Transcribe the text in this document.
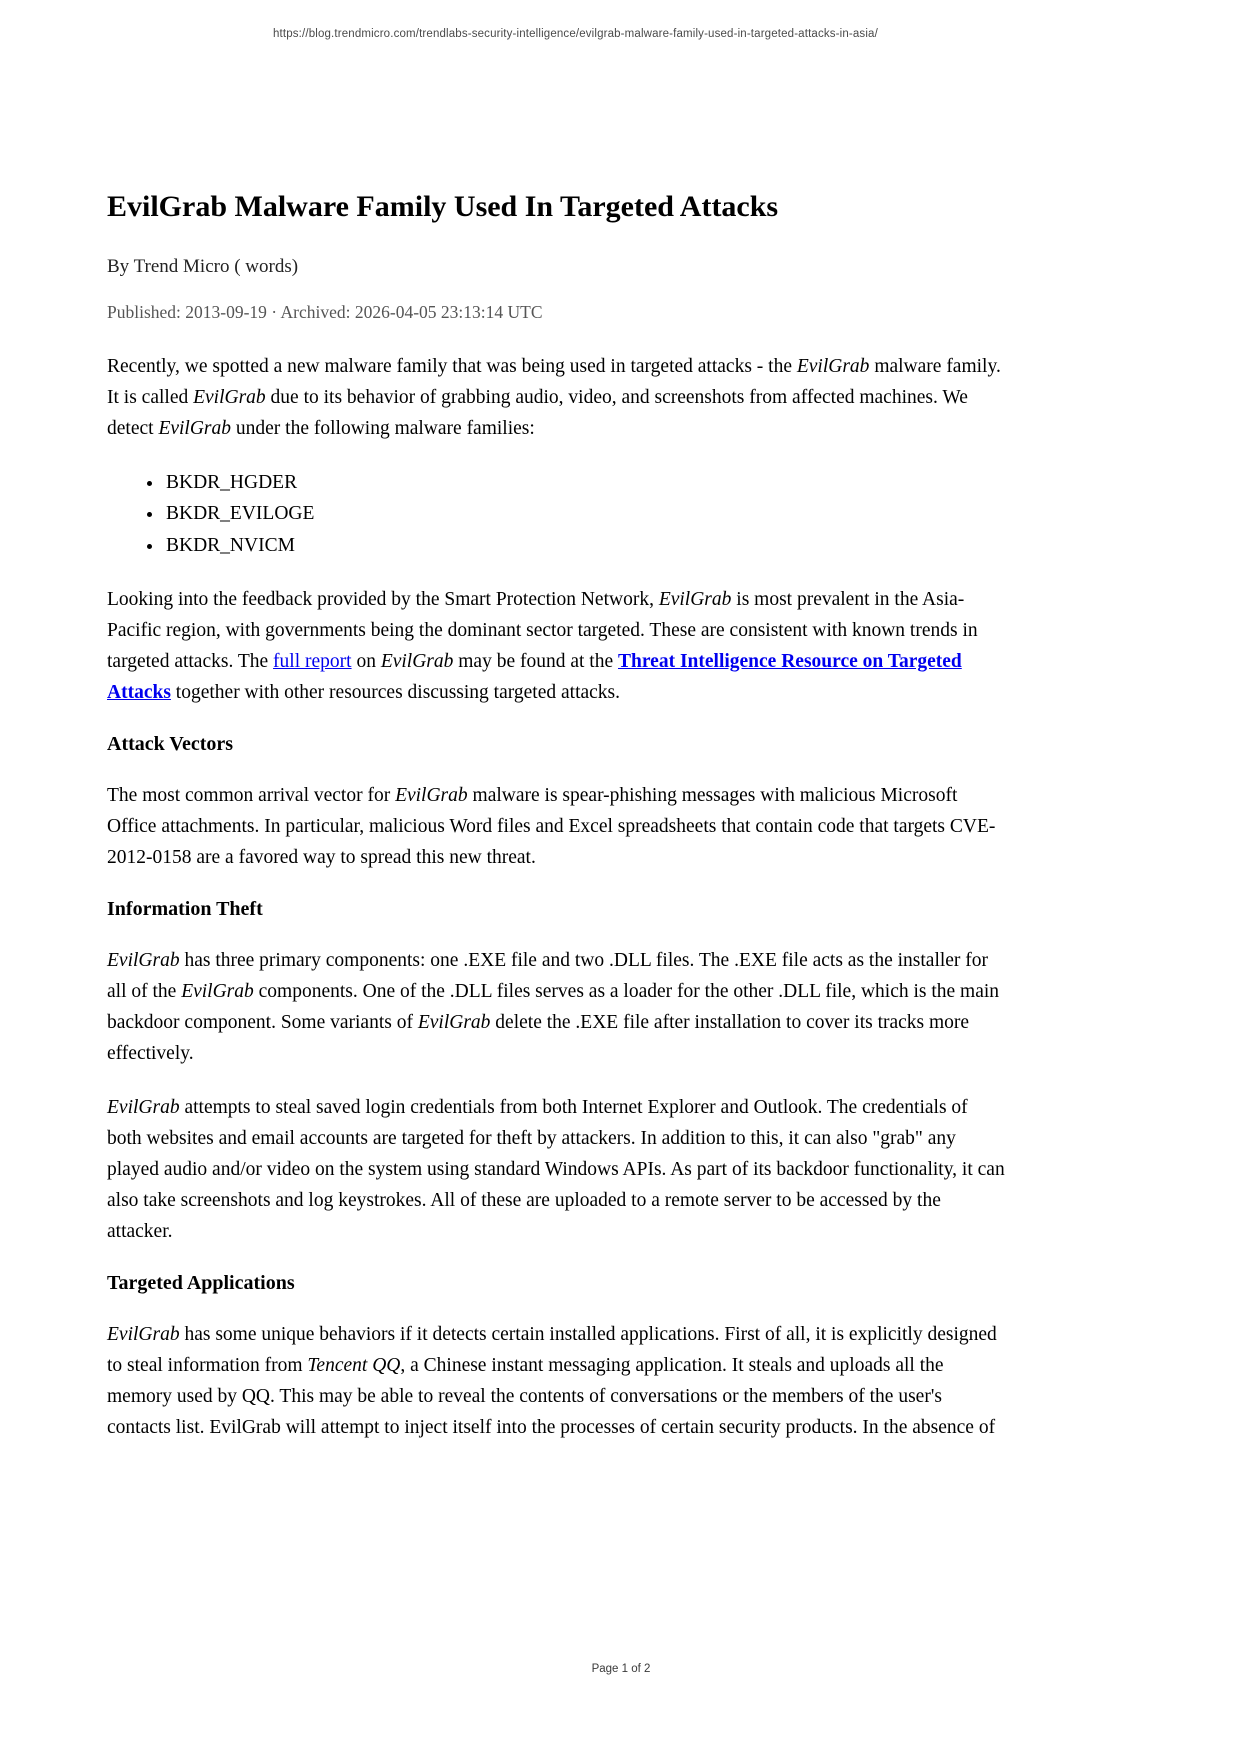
https://blog.trendmicro.com/trendlabs-security-intelligence/evilgrab-malware-family-used-in-targeted-attacks-in-asia/
EvilGrab Malware Family Used In Targeted Attacks

By Trend Micro ( words)

Published: 2013-09-19 · Archived: 2026-04-05 23:13:14 UTC

Recently, we spotted a new malware family that was being used in targeted attacks - the EvilGrab malware family. It is called EvilGrab due to its behavior of grabbing audio, video, and screenshots from affected machines. We detect EvilGrab under the following malware families:

• BKDR_HGDER
• BKDR_EVILOGE
• BKDR_NVICM

Looking into the feedback provided by the Smart Protection Network, EvilGrab is most prevalent in the Asia-Pacific region, with governments being the dominant sector targeted. These are consistent with known trends in targeted attacks. The full report on EvilGrab may be found at the Threat Intelligence Resource on Targeted Attacks together with other resources discussing targeted attacks.

Attack Vectors

The most common arrival vector for EvilGrab malware is spear-phishing messages with malicious Microsoft Office attachments. In particular, malicious Word files and Excel spreadsheets that contain code that targets CVE-2012-0158 are a favored way to spread this new threat.

Information Theft

EvilGrab has three primary components: one .EXE file and two .DLL files. The .EXE file acts as the installer for all of the EvilGrab components. One of the .DLL files serves as a loader for the other .DLL file, which is the main backdoor component. Some variants of EvilGrab delete the .EXE file after installation to cover its tracks more effectively.

EvilGrab attempts to steal saved login credentials from both Internet Explorer and Outlook. The credentials of both websites and email accounts are targeted for theft by attackers. In addition to this, it can also "grab" any played audio and/or video on the system using standard Windows APIs. As part of its backdoor functionality, it can also take screenshots and log keystrokes. All of these are uploaded to a remote server to be accessed by the attacker.

Targeted Applications

EvilGrab has some unique behaviors if it detects certain installed applications. First of all, it is explicitly designed to steal information from Tencent QQ, a Chinese instant messaging application. It steals and uploads all the memory used by QQ. This may be able to reveal the contents of conversations or the members of the user's contacts list. EvilGrab will attempt to inject itself into the processes of certain security products. In the absence of

Page 1 of 2
